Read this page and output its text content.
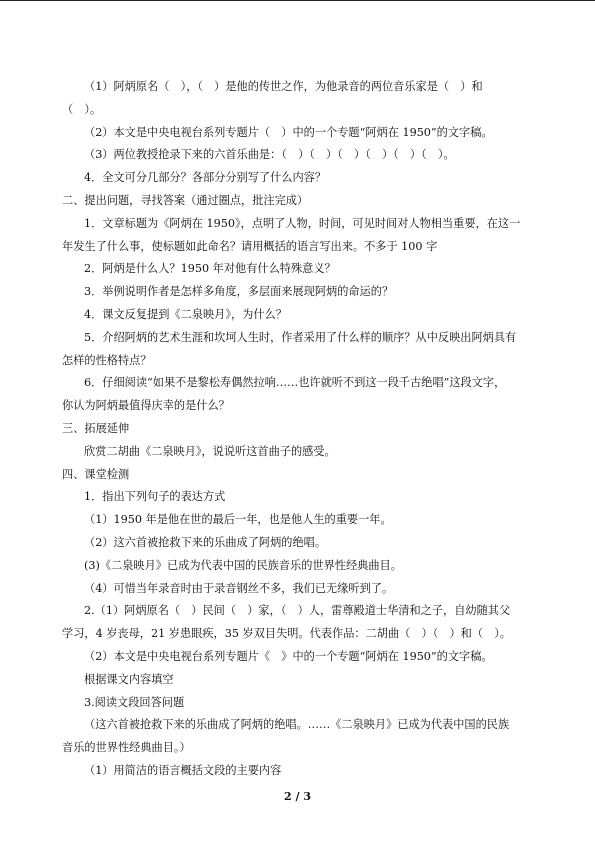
（1）阿炳原名（　），（　）是他的传世之作，为他录音的两位音乐家是（　）和

（　）。

（2）本文是中央电视台系列专题片（　）中的一个专题“阿炳在 1950”的文字稿。

（3）两位教授抢录下来的六首乐曲是：（　）（　）（　）（　）（　）（　）。

4．全文可分几部分？各部分分别写了什么内容？

二、提出问题，寻找答案（通过圈点，批注完成）

1．文章标题为《阿炳在 1950》，点明了人物，时间，可见时间对人物相当重要，在这一

年发生了什么事，使标题如此命名？请用概括的语言写出来。不多于 100 字

2．阿炳是什么人？1950 年对他有什么特殊意义？

3．举例说明作者是怎样多角度，多层面来展现阿炳的命运的？

4．课文反复提到《二泉映月》，为什么？

5．介绍阿炳的艺术生涯和坎坷人生时，作者采用了什么样的顺序？从中反映出阿炳具有

怎样的性格特点？

6．仔细阅读“如果不是黎松寿偶然拉响……也许就听不到这一段千古绝唱”这段文字，

你认为阿炳最值得庆幸的是什么？

三、拓展延伸

欣赏二胡曲《二泉映月》，说说听这首曲子的感受。

四、课堂检测

1．指出下列句子的表达方式

（1）1950 年是他在世的最后一年，也是他人生的重要一年。

（2）这六首被抢救下来的乐曲成了阿炳的绝唱。

(3)《二泉映月》已成为代表中国的民族音乐的世界性经典曲目。

（4）可惜当年录音时由于录音钢丝不多，我们已无缘听到了。

2.（1）阿炳原名（　）民间（　）家，（　）人，雷尊殿道士华清和之子，自幼随其父

学习，4 岁丧母，21 岁患眼疾，35 岁双目失明。代表作品：二胡曲（　）（　）和（　）。

（2）本文是中央电视台系列专题片《　》中的一个专题“阿炳在 1950”的文字稿。

根据课文内容填空

3.阅读文段回答问题

（这六首被抢救下来的乐曲成了阿炳的绝唱。……《二泉映月》已成为代表中国的民族

音乐的世界性经典曲目。）

（1）用简洁的语言概括文段的主要内容

2 / 3
